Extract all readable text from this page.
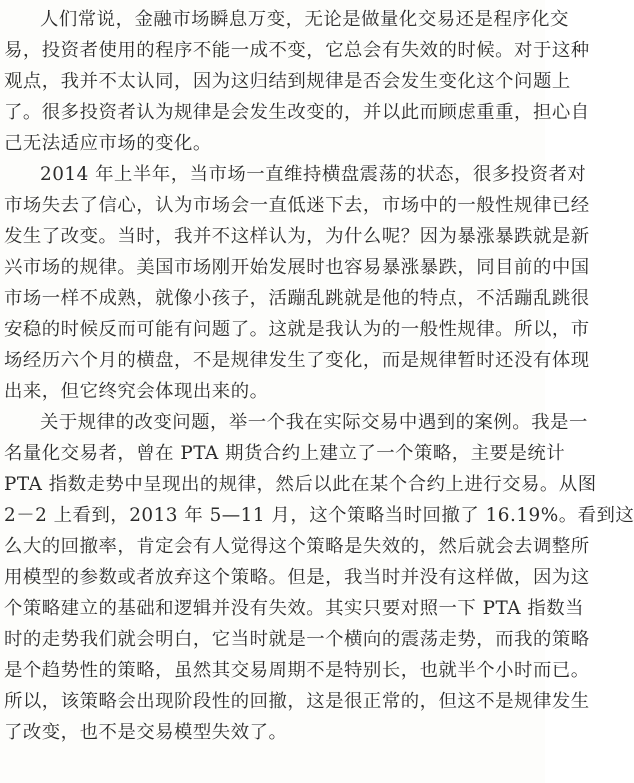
人们常说，金融市场瞬息万变，无论是做量化交易还是程序化交
易，投资者使用的程序不能一成不变，它总会有失效的时候。对于这种
观点，我并不太认同，因为这归结到规律是否会发生变化这个问题上
了。很多投资者认为规律是会发生改变的，并以此而顾虑重重，担心自
己无法适应市场的变化。
2014 年上半年，当市场一直维持横盘震荡的状态，很多投资者对
市场失去了信心，认为市场会一直低迷下去，市场中的一般性规律已经
发生了改变。当时，我并不这样认为，为什么呢？因为暴涨暴跌就是新
兴市场的规律。美国市场刚开始发展时也容易暴涨暴跌，同目前的中国
市场一样不成熟，就像小孩子，活蹦乱跳就是他的特点，不活蹦乱跳很
安稳的时候反而可能有问题了。这就是我认为的一般性规律。所以，市
场经历六个月的横盘，不是规律发生了变化，而是规律暂时还没有体现
出来，但它终究会体现出来的。
关于规律的改变问题，举一个我在实际交易中遇到的案例。我是一
名量化交易者，曾在 PTA 期货合约上建立了一个策略，主要是统计
PTA 指数走势中呈现出的规律，然后以此在某个合约上进行交易。从图
2－2 上看到，2013 年 5—11 月，这个策略当时回撤了 16.19%。看到这
么大的回撤率，肯定会有人觉得这个策略是失效的，然后就会去调整所
用模型的参数或者放弃这个策略。但是，我当时并没有这样做，因为这
个策略建立的基础和逻辑并没有失效。其实只要对照一下 PTA 指数当
时的走势我们就会明白，它当时就是一个横向的震荡走势，而我的策略
是个趋势性的策略，虽然其交易周期不是特别长，也就半个小时而已。
所以，该策略会出现阶段性的回撤，这是很正常的，但这不是规律发生
了改变，也不是交易模型失效了。
